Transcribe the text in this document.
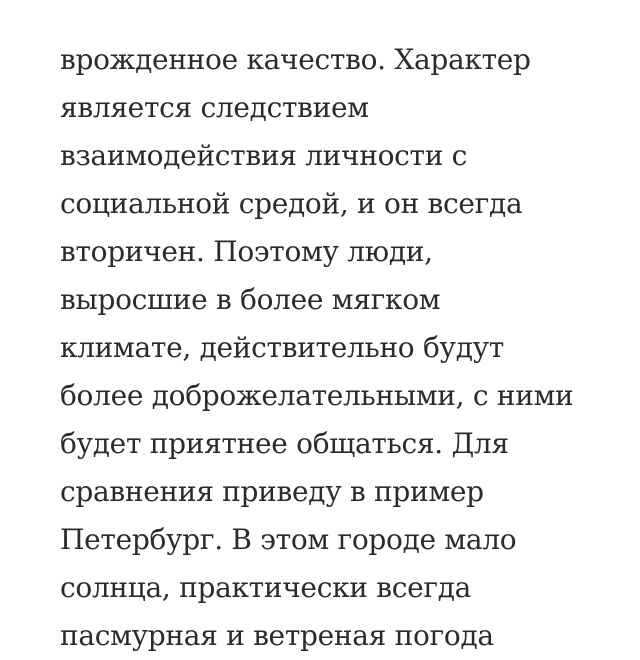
врожденное качество. Характер
является следствием
взаимодействия личности с
социальной средой, и он всегда
вторичен. Поэтому люди,
выросшие в более мягком
климате, действительно будут
более доброжелательными, с ними
будет приятнее общаться. Для
сравнения приведу в пример
Петербург. В этом городе мало
солнца, практически всегда
пасмурная и ветреная погода
